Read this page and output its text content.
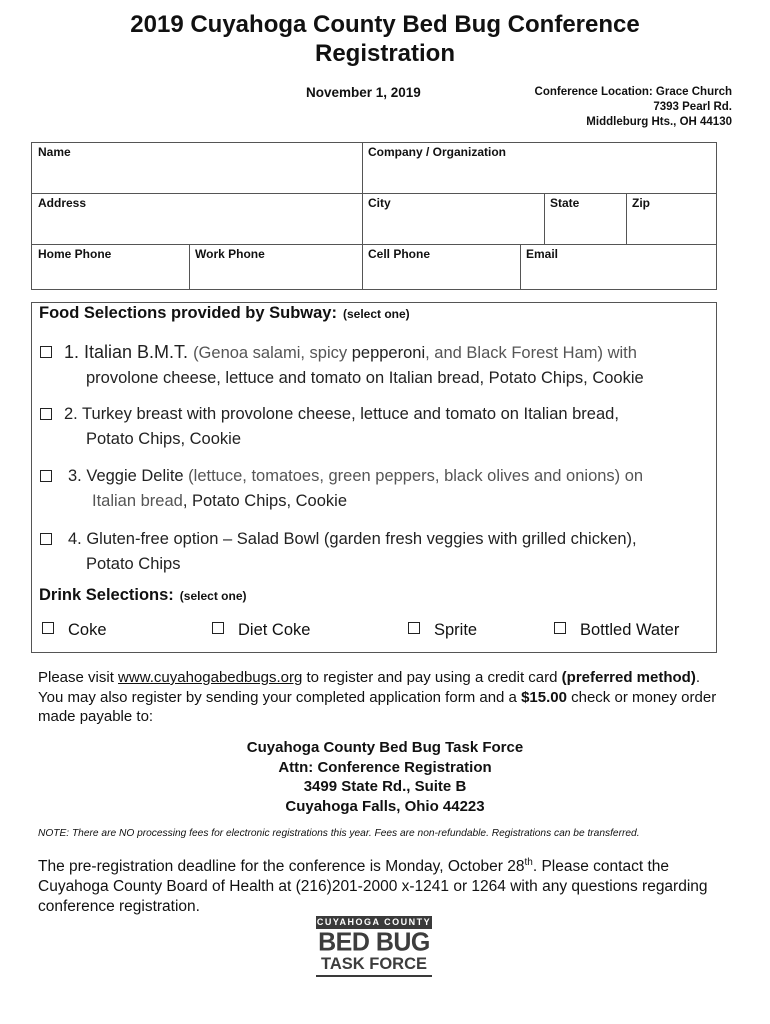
2019 Cuyahoga County Bed Bug Conference
Registration
November 1, 2019	Conference Location: Grace Church
7393 Pearl Rd.
Middleburg Hts., OH 44130
Name	Company / Organization
Address	City	State	Zip
Home Phone	Work Phone	Cell Phone	Email
Food Selections provided by Subway: (select one)
1. Italian B.M.T. (Genoa salami, spicy pepperoni, and Black Forest Ham) with
provolone cheese, lettuce and tomato on Italian bread, Potato Chips, Cookie
2. Turkey breast with provolone cheese, lettuce and tomato on Italian bread,
Potato Chips, Cookie
3. Veggie Delite (lettuce, tomatoes, green peppers, black olives and onions) on
Italian bread, Potato Chips, Cookie
4. Gluten-free option – Salad Bowl (garden fresh veggies with grilled chicken),
Potato Chips
Drink Selections: (select one)
Coke	Diet Coke	Sprite	Bottled Water
Please visit www.cuyahogabedbugs.org to register and pay using a credit card (preferred method). You may also register by sending your completed application form and a $15.00 check or money order made payable to:
Cuyahoga County Bed Bug Task Force
Attn: Conference Registration
3499 State Rd., Suite B
Cuyahoga Falls, Ohio 44223
NOTE: There are NO processing fees for electronic registrations this year. Fees are non-refundable. Registrations can be transferred.
The pre-registration deadline for the conference is Monday, October 28th. Please contact the Cuyahoga County Board of Health at (216)201-2000 x-1241 or 1264 with any questions regarding conference registration.
CUYAHOGA COUNTY
BED BUG
TASK FORCE
